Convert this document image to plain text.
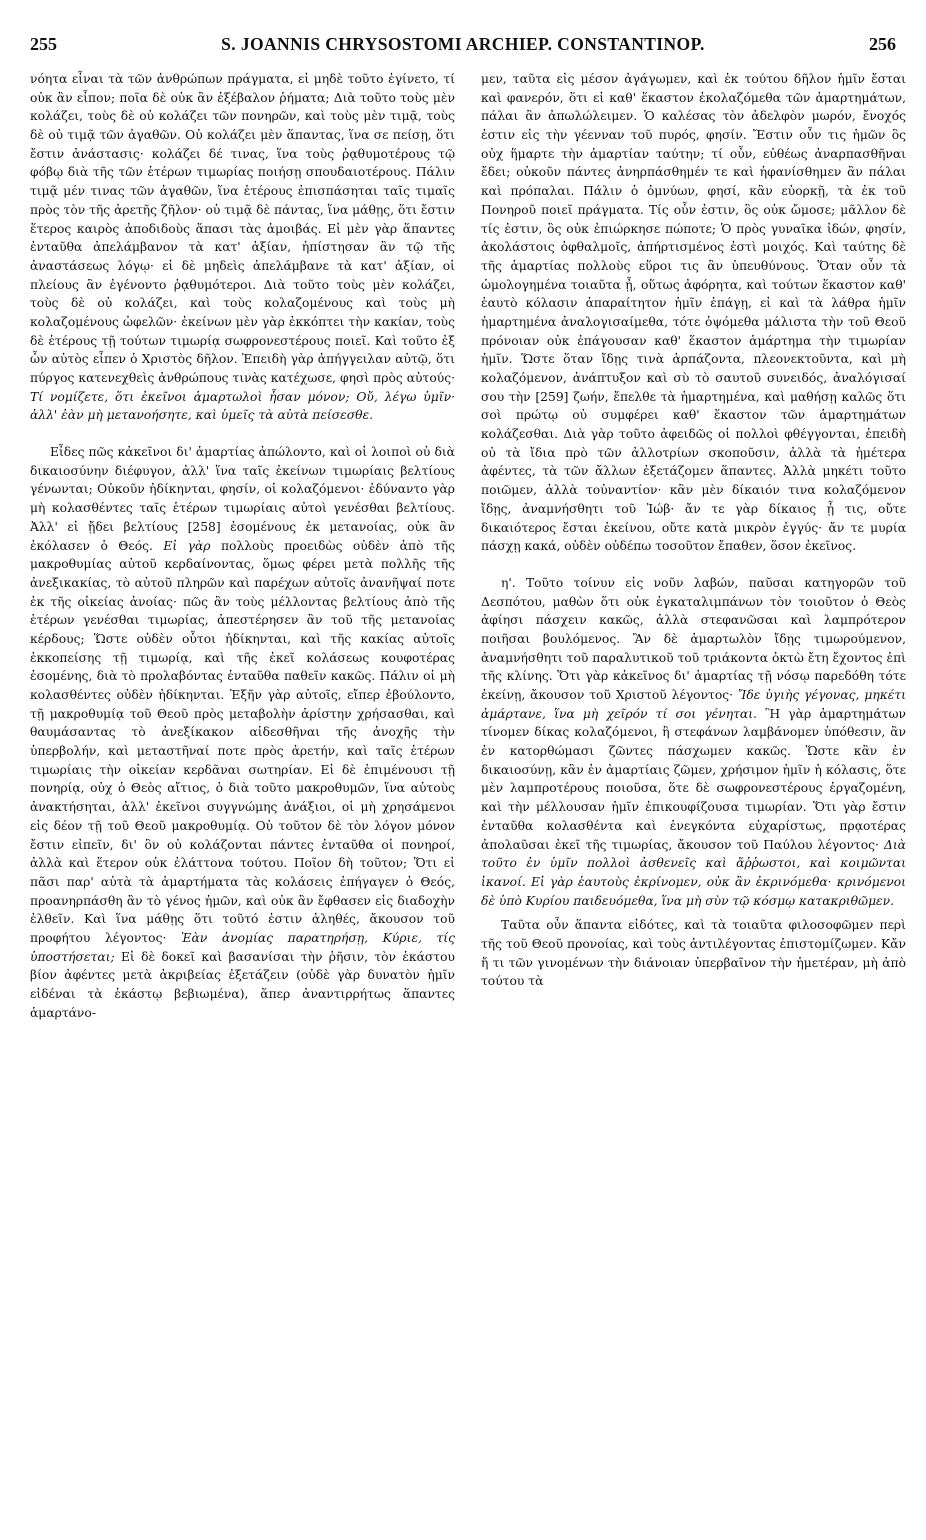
255	S. JOANNIS CHRYSOSTOMI ARCHIEP. CONSTANTINOP.	256

νόητα εἶναι τὰ τῶν ἀνθρώπων πράγματα, εἰ μηδὲ τοῦτο ἐγίνετο, τί οὐκ ἂν εἶπον; ποῖα δὲ οὐκ ἂν ἐξέβαλον ῥήματα; Διὰ τοῦτο τοὺς μὲν κολάζει, τοὺς δὲ οὐ κολάζει τῶν πονηρῶν, καὶ τοὺς μὲν τιμᾷ, τοὺς δὲ οὐ τιμᾷ τῶν ἀγαθῶν. Οὐ κολάζει μὲν ἅπαντας, ἵνα σε πείσῃ, ὅτι ἔστιν ἀνάστασις· κολάζει δέ τινας, ἵνα τοὺς ῥᾳθυμοτέρους τῷ φόβῳ διὰ τῆς τῶν ἑτέρων τιμωρίας ποιήσῃ σπουδαιοτέρους. Πάλιν τιμᾷ μέν τινας τῶν ἀγαθῶν, ἵνα ἑτέρους ἐπισπάσηται ταῖς τιμαῖς πρὸς τὸν τῆς ἀρετῆς ζῆλον· οὐ τιμᾷ δὲ πάντας, ἵνα μάθῃς, ὅτι ἔστιν ἕτερος καιρὸς ἀποδιδοὺς ἅπασι τὰς ἀμοιβάς. Εἰ μὲν γὰρ ἅπαντες ἐνταῦθα ἀπελάμβανον τὰ κατ' ἀξίαν, ἠπίστησαν ἂν τῷ τῆς ἀναστάσεως λόγῳ· εἰ δὲ μηδεὶς ἀπελάμβανε τὰ κατ' ἀξίαν, οἱ πλείους ἂν ἐγένοντο ῥᾳθυμότεροι. Διὰ τοῦτο τοὺς μὲν κολάζει, τοὺς δὲ οὐ κολάζει, καὶ τοὺς κολαζομένους καὶ τοὺς μὴ κολαζομένους ὠφελῶν· ἐκείνων μὲν γὰρ ἐκκόπτει τὴν κακίαν, τοὺς δὲ ἑτέρους τῇ τούτων τιμωρίᾳ σωφρονεστέρους ποιεῖ. Καὶ τοῦτο ἐξ ὧν αὐτὸς εἶπεν ὁ Χριστὸς δῆλον. Ἐπειδὴ γὰρ ἀπήγγειλαν αὐτῷ, ὅτι πύργος κατενεχθεὶς ἀνθρώπους τινὰς κατέχωσε, φησὶ πρὸς αὐτούς· Τί νομίζετε, ὅτι ἐκεῖνοι ἁμαρτωλοὶ ἦσαν μόνον; Οὔ, λέγω ὑμῖν· ἀλλ' ἐὰν μὴ μετανοήσητε, καὶ ὑμεῖς τὰ αὐτὰ πείσεσθε.

Εἶδες πῶς κἀκεῖνοι δι' ἁμαρτίας ἀπώλοντο, καὶ οἱ λοιποὶ οὐ διὰ δικαιοσύνην διέφυγον, ἀλλ' ἵνα ταῖς ἐκείνων τιμωρίαις βελτίους γένωνται; Οὐκοῦν ἠδίκηνται, φησίν, οἱ κολαζόμενοι· ἐδύναντο γὰρ μὴ κολασθέντες ταῖς ἑτέρων τιμωρίαις αὐτοὶ γενέσθαι βελτίους. Ἀλλ' εἰ ᾔδει βελτίους [258] ἐσομένους ἐκ μετανοίας, οὐκ ἂν ἐκόλασεν ὁ Θεός. Εἰ γὰρ πολλοὺς προειδὼς οὐδὲν ἀπὸ τῆς μακροθυμίας αὐτοῦ κερδαίνοντας, ὅμως φέρει μετὰ πολλῆς τῆς ἀνεξικακίας, τὸ αὐτοῦ πληρῶν καὶ παρέχων αὐτοῖς ἀνανῆψαί ποτε ἐκ τῆς οἰκείας ἀνοίας· πῶς ἂν τοὺς μέλλοντας βελτίους ἀπὸ τῆς ἑτέρων γενέσθαι τιμωρίας, ἀπεστέρησεν ἂν τοῦ τῆς μετανοίας κέρδους; Ὥστε οὐδὲν οὗτοι ἠδίκηνται, καὶ τῆς κακίας αὐτοῖς ἐκκοπείσης τῇ τιμωρίᾳ, καὶ τῆς ἐκεῖ κολάσεως κουφοτέρας ἐσομένης, διὰ τὸ προλαβόντας ἐνταῦθα παθεῖν κακῶς. Πάλιν οἱ μὴ κολασθέντες οὐδὲν ἠδίκηνται. Ἐξῆν γὰρ αὐτοῖς, εἴπερ ἐβούλοντο, τῇ μακροθυμίᾳ τοῦ Θεοῦ πρὸς μεταβολὴν ἀρίστην χρήσασθαι, καὶ θαυμάσαντας τὸ ἀνεξίκακον αἰδεσθῆναι τῆς ἀνοχῆς τὴν ὑπερβολήν, καὶ μεταστῆναί ποτε πρὸς ἀρετήν, καὶ ταῖς ἑτέρων τιμωρίαις τὴν οἰκείαν κερδᾶναι σωτηρίαν. Εἰ δὲ ἐπιμένουσι τῇ πονηρίᾳ, οὐχ ὁ Θεὸς αἴτιος, ὁ διὰ τοῦτο μακροθυμῶν, ἵνα αὐτοὺς ἀνακτήσηται, ἀλλ' ἐκεῖνοι συγγνώμης ἀνάξιοι, οἱ μὴ χρησάμενοι εἰς δέον τῇ τοῦ Θεοῦ μακροθυμίᾳ. Οὐ τοῦτον δὲ τὸν λόγον μόνον ἔστιν εἰπεῖν, δι' ὃν οὐ κολάζονται πάντες ἐνταῦθα οἱ πονηροί, ἀλλὰ καὶ ἕτερον οὐκ ἐλάττονα τούτου. Ποῖον δὴ τοῦτον; Ὅτι εἰ πᾶσι παρ' αὐτὰ τὰ ἁμαρτήματα τὰς κολάσεις ἐπήγαγεν ὁ Θεός, προανηρπάσθη ἂν τὸ γένος ἡμῶν, καὶ οὐκ ἂν ἔφθασεν εἰς διαδοχὴν ἐλθεῖν. Καὶ ἵνα μάθῃς ὅτι τοῦτό ἐστιν ἀληθές, ἄκουσον τοῦ προφήτου λέγοντος· Ἐὰν ἀνομίας παρατηρήσῃ, Κύριε, τίς ὑποστήσεται; Εἰ δὲ δοκεῖ καὶ βασανίσαι τὴν ῥῆσιν, τὸν ἑκάστου βίον ἀφέντες μετὰ ἀκριβείας ἐξετάζειν (οὐδὲ γὰρ δυνατὸν ἡμῖν εἰδέναι τὰ ἑκάστῳ βεβιωμένα), ἅπερ ἀναντιρρήτως ἅπαντες ἁμαρτάνο-

μεν, ταῦτα εἰς μέσον ἀγάγωμεν, καὶ ἐκ τούτου δῆλον ἡμῖν ἔσται καὶ φανερόν, ὅτι εἰ καθ' ἕκαστον ἐκολαζόμεθα τῶν ἁμαρτημάτων, πάλαι ἂν ἀπωλώλειμεν. Ὁ καλέσας τὸν ἀδελφὸν μωρόν, ἔνοχός ἐστιν εἰς τὴν γέενναν τοῦ πυρός, φησίν. Ἔστιν οὖν τις ἡμῶν ὃς οὐχ ἥμαρτε τὴν ἁμαρτίαν ταύτην; τί οὖν, εὐθέως ἀναρπασθῆναι ἔδει; οὐκοῦν πάντες ἀνηρπάσθημέν τε καὶ ἠφανίσθημεν ἂν πάλαι καὶ πρόπαλαι. Πάλιν ὁ ὀμνύων, φησί, κἂν εὐορκῇ, τὰ ἐκ τοῦ Πονηροῦ ποιεῖ πράγματα. Τίς οὖν ἐστιν, ὃς οὐκ ὤμοσε; μᾶλλον δὲ τίς ἐστιν, ὃς οὐκ ἐπιώρκησε πώποτε; Ὁ πρὸς γυναῖκα ἰδών, φησίν, ἀκολάστοις ὀφθαλμοῖς, ἀπήρτισμένος ἐστὶ μοιχός. Καὶ ταύτης δὲ τῆς ἁμαρτίας πολλοὺς εὕροι τις ἂν ὑπευθύνους. Ὅταν οὖν τὰ ὡμολογημένα τοιαῦτα ᾖ, οὕτως ἀφόρητα, καὶ τούτων ἕκαστον καθ' ἑαυτὸ κόλασιν ἀπαραίτητον ἡμῖν ἐπάγῃ, εἰ καὶ τὰ λάθρα ἡμῖν ἡμαρτημένα ἀναλογισαίμεθα, τότε ὀψόμεθα μάλιστα τὴν τοῦ Θεοῦ πρόνοιαν οὐκ ἐπάγουσαν καθ' ἕκαστον ἁμάρτημα τὴν τιμωρίαν ἡμῖν. Ὥστε ὅταν ἴδῃς τινὰ ἁρπάζοντα, πλεονεκτοῦντα, καὶ μὴ κολαζόμενον, ἀνάπτυξον καὶ σὺ τὸ σαυτοῦ συνειδός, ἀναλόγισαί σου τὴν [259] ζωήν, ἔπελθε τὰ ἡμαρτημένα, καὶ μαθήσῃ καλῶς ὅτι σοὶ πρώτῳ οὐ συμφέρει καθ' ἕκαστον τῶν ἁμαρτημάτων κολάζεσθαι. Διὰ γὰρ τοῦτο ἀφειδῶς οἱ πολλοὶ φθέγγονται, ἐπειδὴ οὐ τὰ ἴδια πρὸ τῶν ἀλλοτρίων σκοποῦσιν, ἀλλὰ τὰ ἡμέτερα ἀφέντες, τὰ τῶν ἄλλων ἐξετάζομεν ἅπαντες. Ἀλλὰ μηκέτι τοῦτο ποιῶμεν, ἀλλὰ τοὐναντίον· κἂν μὲν δίκαιόν τινα κολαζόμενον ἴδῃς, ἀναμνήσθητι τοῦ Ἰώβ· ἄν τε γὰρ δίκαιος ᾖ τις, οὔτε δικαιότερος ἔσται ἐκείνου, οὔτε κατὰ μικρὸν ἐγγύς· ἄν τε μυρία πάσχῃ κακά, οὐδὲν οὐδέπω τοσοῦτον ἔπαθεν, ὅσον ἐκεῖνος.

η'. Τοῦτο τοίνυν εἰς νοῦν λαβών, παῦσαι κατηγορῶν τοῦ Δεσπότου, μαθὼν ὅτι οὐκ ἐγκαταλιμπάνων τὸν τοιοῦτον ὁ Θεὸς ἀφίησι πάσχειν κακῶς, ἀλλὰ στεφανῶσαι καὶ λαμπρότερον ποιῆσαι βουλόμενος. Ἂν δὲ ἁμαρτωλὸν ἴδῃς τιμωρούμενον, ἀναμνήσθητι τοῦ παραλυτικοῦ τοῦ τριάκοντα ὀκτὼ ἔτη ἔχοντος ἐπὶ τῆς κλίνης. Ὅτι γὰρ κἀκεῖνος δι' ἁμαρτίας τῇ νόσῳ παρεδόθη τότε ἐκείνῃ, ἄκουσον τοῦ Χριστοῦ λέγοντος· Ἴδε ὑγιὴς γέγονας, μηκέτι ἁμάρτανε, ἵνα μὴ χεῖρόν τί σοι γένηται. Ἢ γὰρ ἁμαρτημάτων τίνομεν δίκας κολαζόμενοι, ἢ στεφάνων λαμβάνομεν ὑπόθεσιν, ἂν ἐν κατορθώμασι ζῶντες πάσχωμεν κακῶς. Ὥστε κἂν ἐν δικαιοσύνῃ, κἂν ἐν ἁμαρτίαις ζῶμεν, χρήσιμον ἡμῖν ἡ κόλασις, ὅτε μὲν λαμπροτέρους ποιοῦσα, ὅτε δὲ σωφρονεστέρους ἐργαζομένη, καὶ τὴν μέλλουσαν ἡμῖν ἐπικουφίζουσα τιμωρίαν. Ὅτι γὰρ ἔστιν ἐνταῦθα κολασθέντα καὶ ἐνεγκόντα εὐχαρίστως, πρᾳοτέρας ἀπολαῦσαι ἐκεῖ τῆς τιμωρίας, ἄκουσον τοῦ Παύλου λέγοντος· Διὰ τοῦτο ἐν ὑμῖν πολλοὶ ἀσθενεῖς καὶ ἄῤῥωστοι, καὶ κοιμῶνται ἱκανοί. Εἰ γὰρ ἑαυτοὺς ἐκρίνομεν, οὐκ ἂν ἐκρινόμεθα· κρινόμενοι δὲ ὑπὸ Κυρίου παιδευόμεθα, ἵνα μὴ σὺν τῷ κόσμῳ κατακριθῶμεν.

Ταῦτα οὖν ἅπαντα εἰδότες, καὶ τὰ τοιαῦτα φιλοσοφῶμεν περὶ τῆς τοῦ Θεοῦ προνοίας, καὶ τοὺς ἀντιλέγοντας ἐπιστομίζωμεν. Κἄν ἤ τι τῶν γινομένων τὴν διάνοιαν ὑπερβαῖνον τὴν ἡμετέραν, μὴ ἀπὸ τούτου τὰ
